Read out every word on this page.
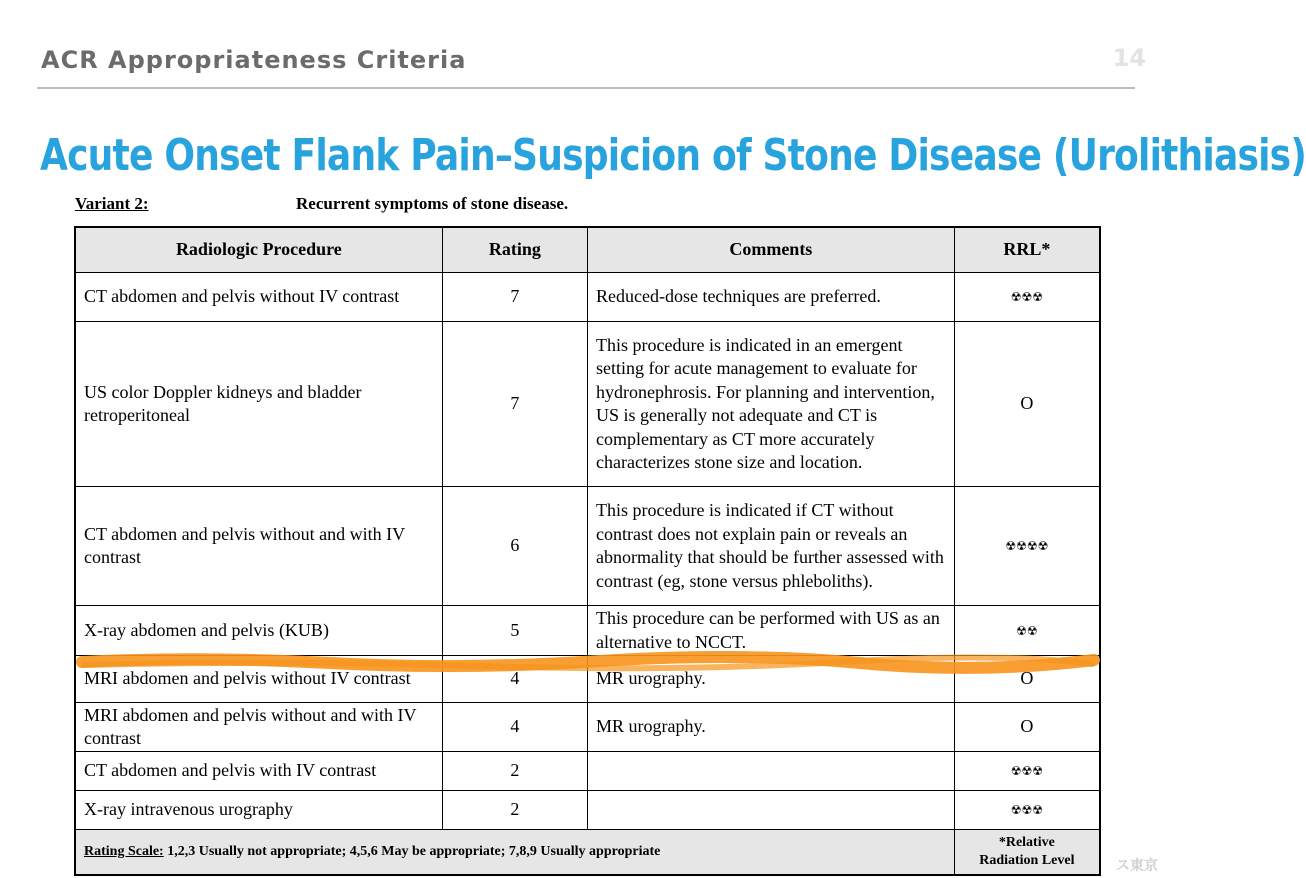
ACR Appropriateness Criteria	14
Acute Onset Flank Pain–Suspicion of Stone Disease (Urolithiasis)
Variant 2:	Recurrent symptoms of stone disease.
Radiologic Procedure	Rating	Comments	RRL*
CT abdomen and pelvis without IV contrast	7	Reduced-dose techniques are preferred.	☢☢☢
US color Doppler kidneys and bladder retroperitoneal	7	This procedure is indicated in an emergent setting for acute management to evaluate for hydronephrosis. For planning and intervention, US is generally not adequate and CT is complementary as CT more accurately characterizes stone size and location.	O
CT abdomen and pelvis without and with IV contrast	6	This procedure is indicated if CT without contrast does not explain pain or reveals an abnormality that should be further assessed with contrast (eg, stone versus phleboliths).	☢☢☢☢
X-ray abdomen and pelvis (KUB)	5	This procedure can be performed with US as an alternative to NCCT.	☢☢
MRI abdomen and pelvis without IV contrast	4	MR urography.	O
MRI abdomen and pelvis without and with IV contrast	4	MR urography.	O
CT abdomen and pelvis with IV contrast	2		☢☢☢
X-ray intravenous urography	2		☢☢☢
Rating Scale: 1,2,3 Usually not appropriate; 4,5,6 May be appropriate; 7,8,9 Usually appropriate			*Relative
Radiation Level	ス東京
